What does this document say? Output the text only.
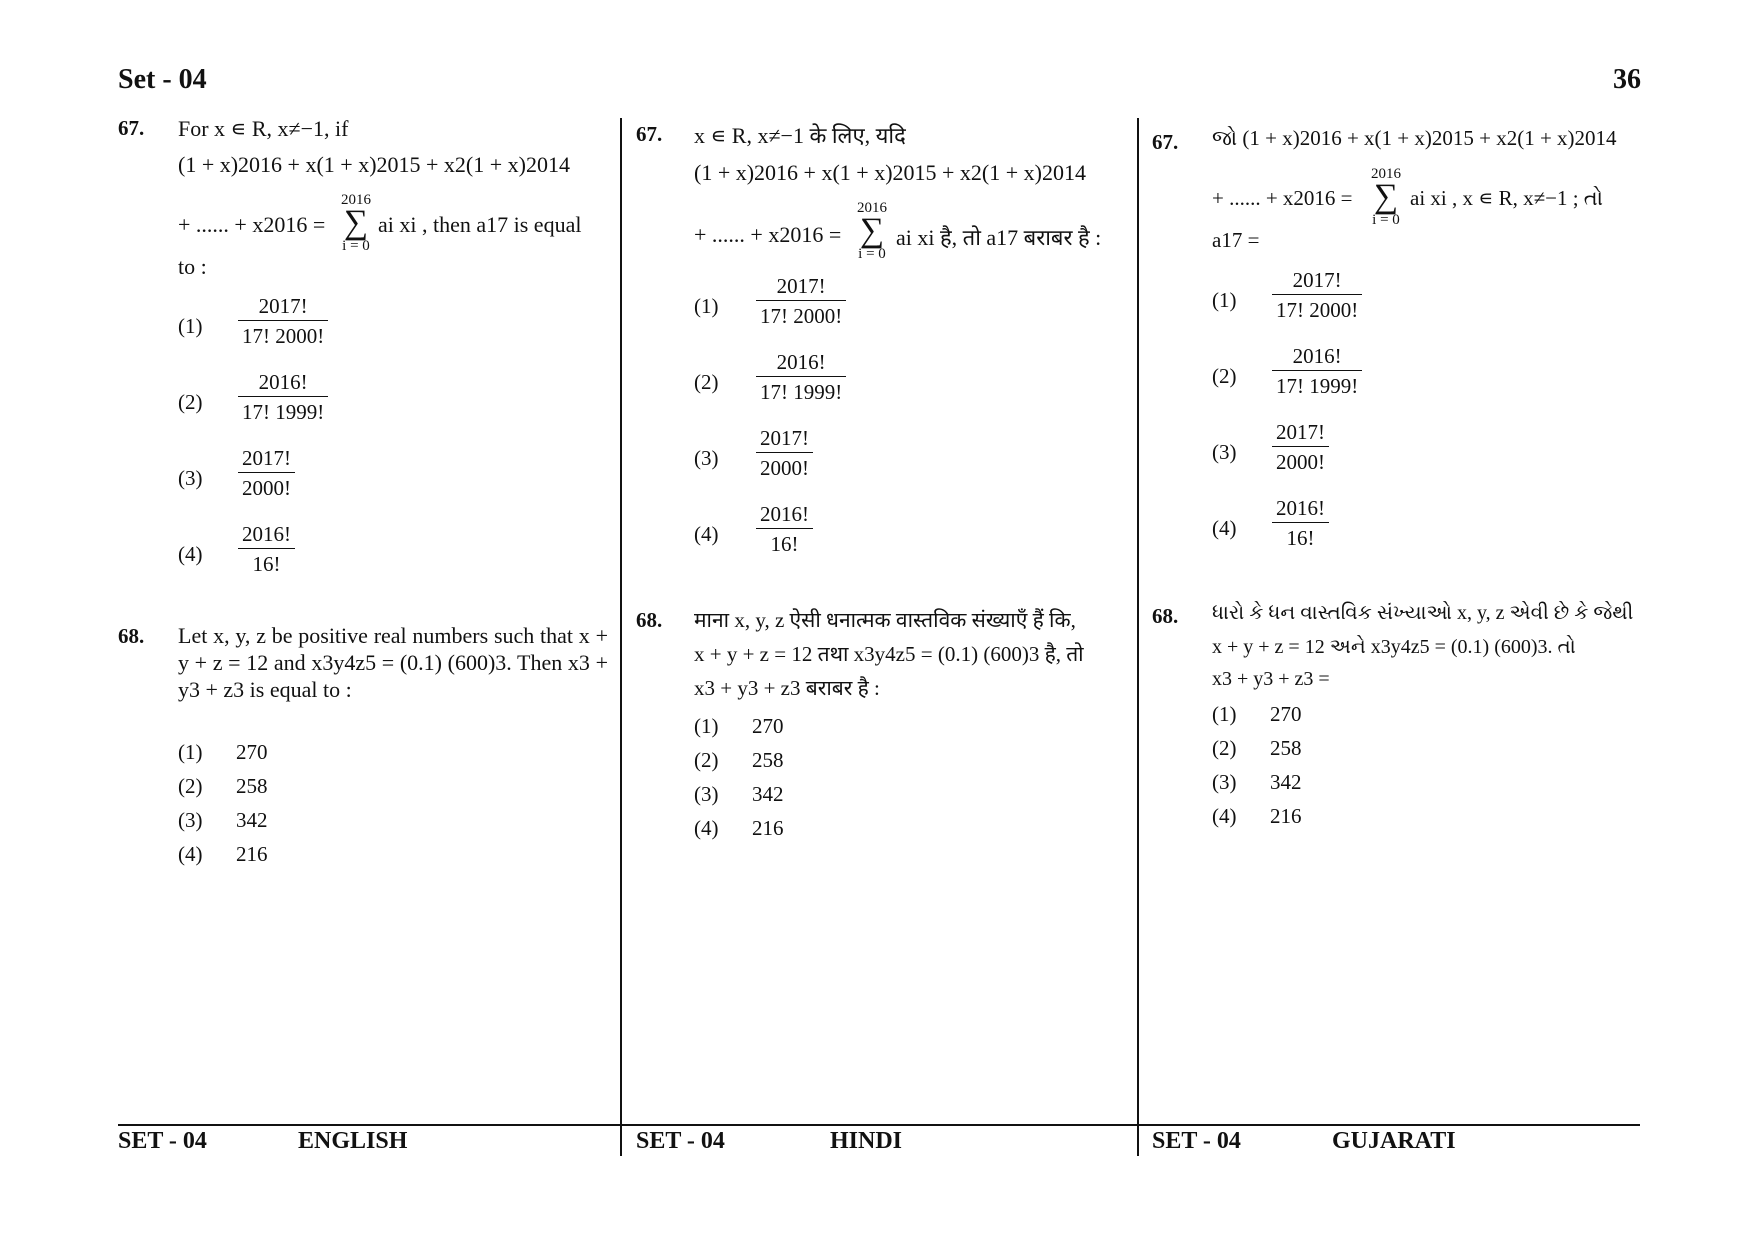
Set - 04	36
67. For x ∊ R, x≠−1, if
(1 + x)2016 + x(1 + x)2015 + x2(1 + x)2014
+ ...... + x2016 =
2016
∑
i = 0
ai xi , then a17 is equal
to :
$(1) \frac{2017!}{17! 2000!}$
$(2) \frac{2016!}{17! 1999!}$
$(3) \frac{2017!}{2000!}$
$(4) \frac{2016!}{16!}$
68. Let x, y, z be positive real numbers such that x + y + z = 12 and x3y4z5 = (0.1) (600)3. Then x3 + y3 + z3 is equal to :
(1) 270
(2) 258
(3) 342
(4) 216
67. x ∊ R, x≠−1 के लिए, यदि
(1 + x)2016 + x(1 + x)2015 + x2(1 + x)2014
+ ...... + x2016 =
2016
∑
i = 0
ai xi है, तो a17 बराबर है :
$(1) \frac{2017!}{17! 2000!}$
$(2) \frac{2016!}{17! 1999!}$
$(3) \frac{2017!}{2000!}$
$(4) \frac{2016!}{16!}$
68. माना x, y, z ऐसी धनात्मक वास्तविक संख्याएँ हैं कि,
x + y + z = 12 तथा x3y4z5 = (0.1) (600)3 है, तो
x3 + y3 + z3 बराबर है :
(1) 270
(2) 258
(3) 342
(4) 216
67. જો (1 + x)2016 + x(1 + x)2015 + x2(1 + x)2014
+ ...... + x2016 =
2016
∑
i = 0
ai xi , x ∊ R, x≠−1 ; તો
a17 =
$(1) \frac{2017!}{17! 2000!}$
$(2) \frac{2016!}{17! 1999!}$
$(3) \frac{2017!}{2000!}$
$(4) \frac{2016!}{16!}$
68. ધારો કે ધન વાસ્તવિક સંખ્યાઓ x, y, z એવી છે કે જેથી
x + y + z = 12 અને x3y4z5 = (0.1) (600)3. તો
x3 + y3 + z3 =
(1) 270
(2) 258
(3) 342
(4) 216
SET - 04	ENGLISH	SET - 04	HINDI	SET - 04	GUJARATI
